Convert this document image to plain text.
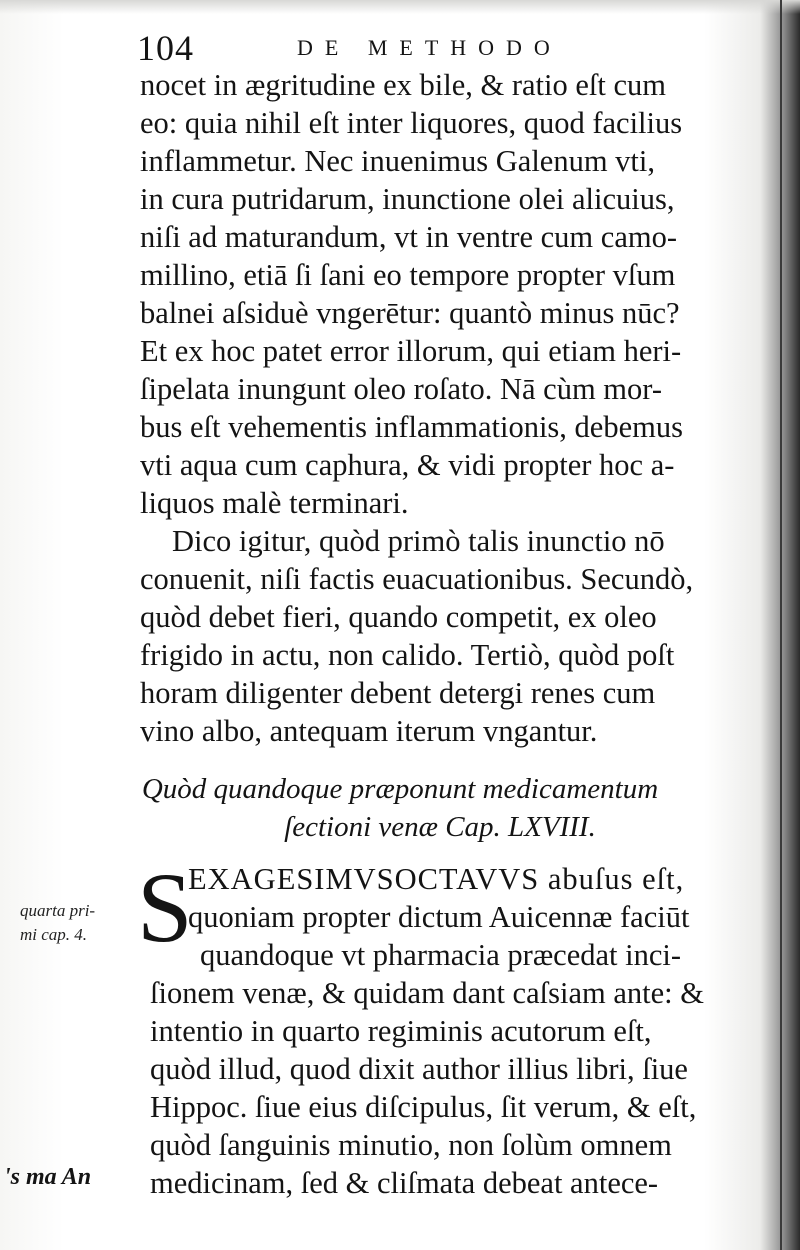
104	DE METHODO
nocet in ægritudine ex bile, & ratio eſt cum
eo: quia nihil eſt inter liquores, quod facilius
inflammetur. Nec inuenimus Galenum vti,
in cura putridarum, inunctione olei alicuius,
niſi ad maturandum, vt in ventre cum camo-
millino, etiā ſi ſani eo tempore propter vſum
balnei aſsiduè vngerētur: quantò minus nūc?
Et ex hoc patet error illorum, qui etiam heri-
ſipelata inungunt oleo roſato. Nā cùm mor-
bus eſt vehementis inflammationis, debemus
vti aqua cum caphura, & vidi propter hoc a-
liquos malè terminari.
Dico igitur, quòd primò talis inunctio nō
conuenit, niſi factis euacuationibus. Secundò,
quòd debet fieri, quando competit, ex oleo
frigido in actu, non calido. Tertiò, quòd poſt
horam diligenter debent detergi renes cum
vino albo, antequam iterum vngantur.
Quòd quandoque præponunt medicamentum
ſectioni venæ Cap. LXVIII.
S
EXAGESIMVSOCTAVVS abuſus eſt,
quoniam propter dictum Auicennæ faciūt
quandoque vt pharmacia præcedat inci-
ſionem venæ, & quidam dant caſsiam ante: &
intentio in quarto regiminis acutorum eſt,
quòd illud, quod dixit author illius libri, ſiue
Hippoc. ſiue eius diſcipulus, ſit verum, & eſt,
quòd ſanguinis minutio, non ſolùm omnem
medicinam, ſed & cliſmata debeat antece-
quarta pri-
mi cap. 4.
's ma An
